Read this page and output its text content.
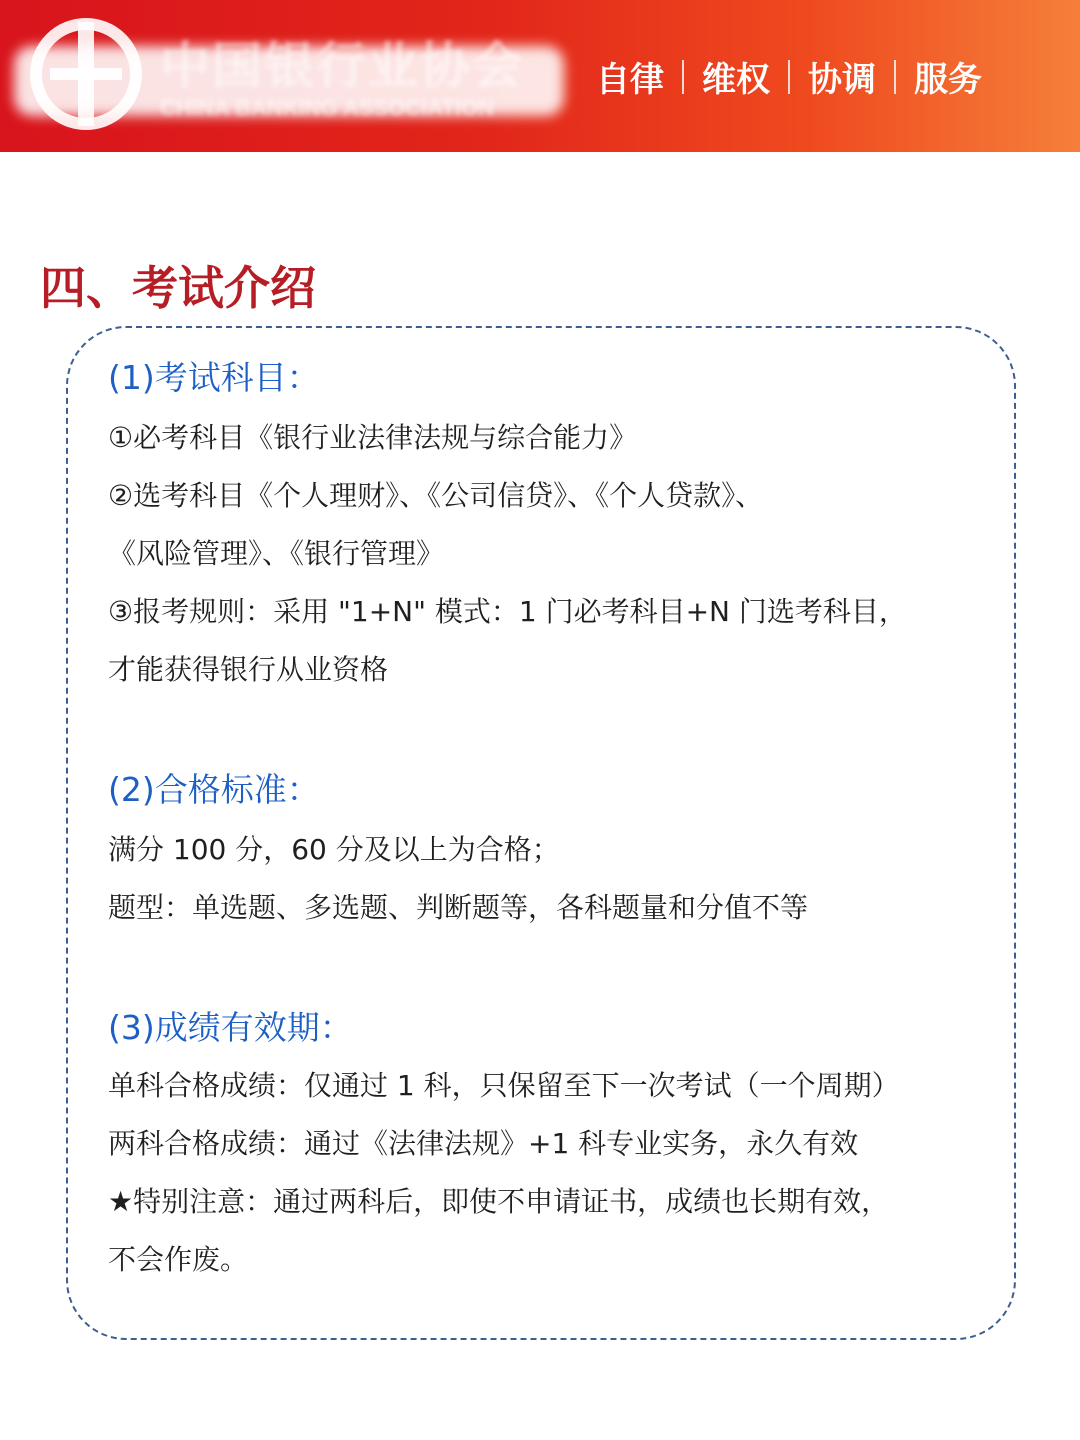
中国银行业协会
CHINA BANKING ASSOCIATION
自律 维权 协调 服务
四、考试介绍
(1)考试科目：
①必考科目《银行业法律法规与综合能力》
②选考科目《个人理财》、《公司信贷》、《个人贷款》、
《风险管理》、《银行管理》
③报考规则：采用 "1+N" 模式：1 门必考科目+N 门选考科目，
才能获得银行从业资格
(2)合格标准：
满分 100 分，60 分及以上为合格；
题型：单选题、多选题、判断题等，各科题量和分值不等
(3)成绩有效期：
单科合格成绩：仅通过 1 科，只保留至下一次考试（一个周期）
两科合格成绩：通过《法律法规》+1 科专业实务，永久有效
★特别注意：通过两科后，即使不申请证书，成绩也长期有效，
不会作废。
